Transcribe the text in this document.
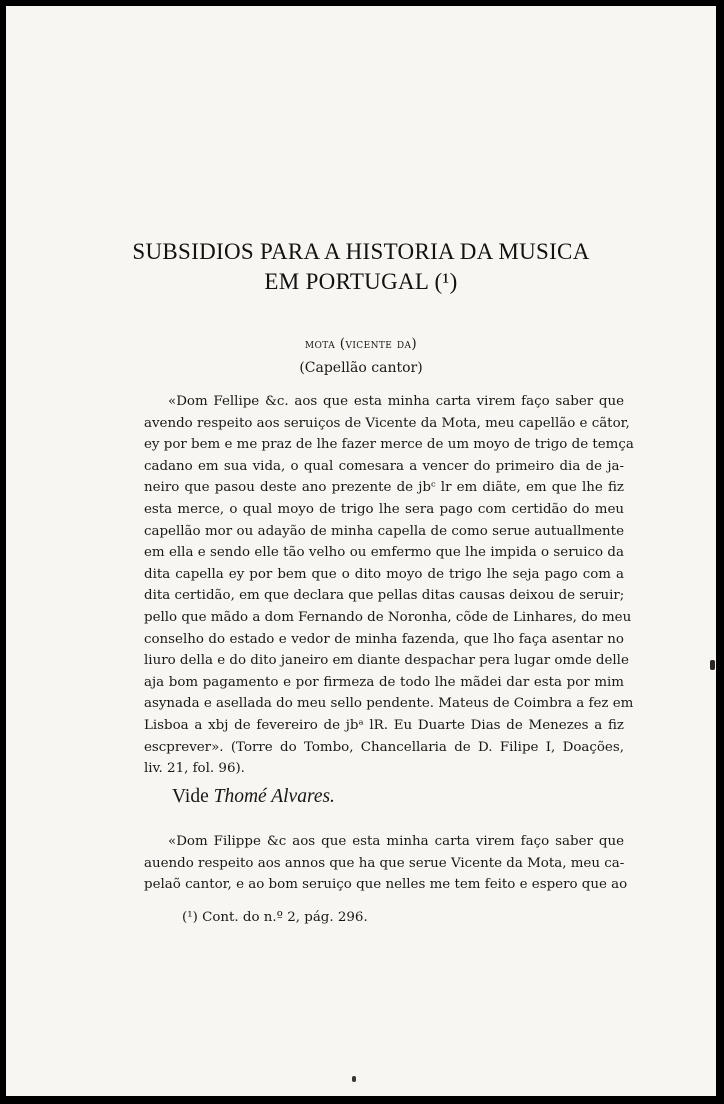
SUBSIDIOS PARA A HISTORIA DA MUSICA
EM PORTUGAL (¹)
mota (vicente da)
(Capellão cantor)
«Dom Fellipe &c. aos que esta minha carta virem faço saber que
avendo respeito aos seruiços de Vicente da Mota, meu capellão e cãtor,
ey por bem e me praz de lhe fazer merce de um moyo de trigo de temça
cadano em sua vida, o qual comesara a vencer do primeiro dia de ja-
neiro que pasou deste ano prezente de jbᶜ lr em diãte, em que lhe fiz
esta merce, o qual moyo de trigo lhe sera pago com certidão do meu
capellão mor ou adayão de minha capella de como serue autuallmente
em ella e sendo elle tão velho ou emfermo que lhe impida o seruico da
dita capella ey por bem que o dito moyo de trigo lhe seja pago com a
dita certidão, em que declara que pellas ditas causas deixou de seruir;
pello que mãdo a dom Fernando de Noronha, cõde de Linhares, do meu
conselho do estado e vedor de minha fazenda, que lho faça asentar no
liuro della e do dito janeiro em diante despachar pera lugar omde delle
aja bom pagamento e por firmeza de todo lhe mãdei dar esta por mim
asynada e asellada do meu sello pendente. Mateus de Coimbra a fez em
Lisboa a xbj de fevereiro de jbᵃ lR. Eu Duarte Dias de Menezes a fiz
escprever». (Torre do Tombo, Chancellaria de D. Filipe I, Doações,
liv. 21, fol. 96).
Vide Thomé Alvares.
«Dom Filippe &c aos que esta minha carta virem faço saber que
auendo respeito aos annos que ha que serue Vicente da Mota, meu ca-
pelaõ cantor, e ao bom seruiço que nelles me tem feito e espero que ao
(¹) Cont. do n.º 2, pág. 296.
